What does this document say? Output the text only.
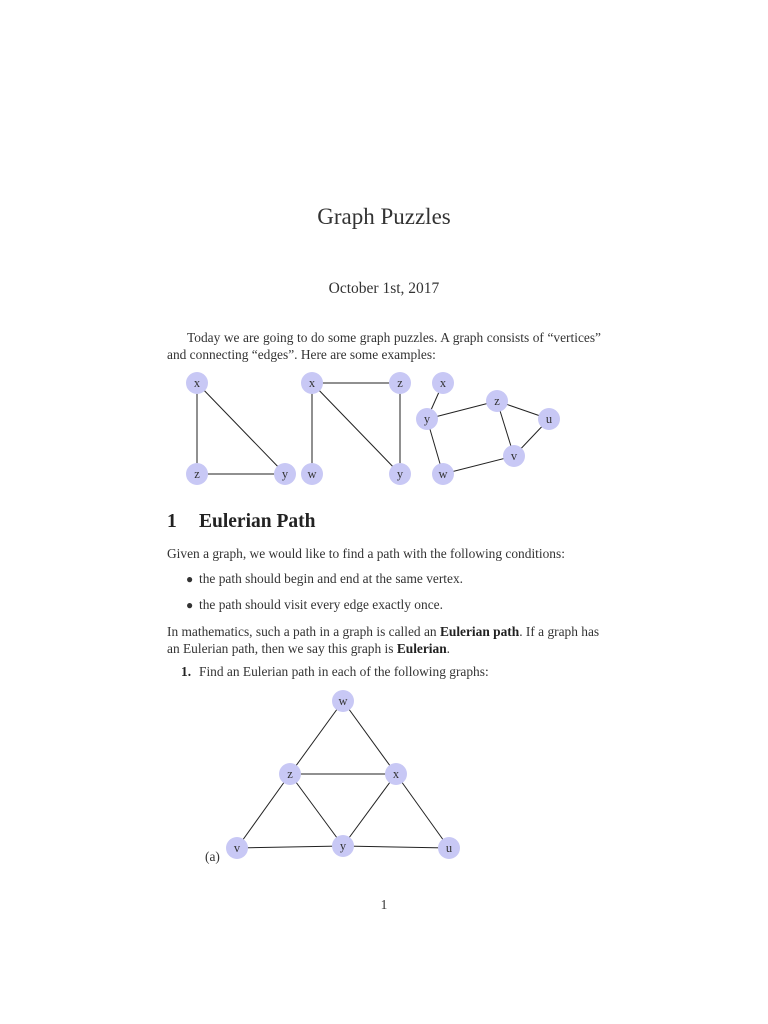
Graph Puzzles
October 1st, 2017
Today we are going to do some graph puzzles. A graph consists of “vertices” and connecting “edges”. Here are some examples:
x
z	y
x	z
w	y
x
y
z
u
v
w
w
z	x
v	y	u
1 Eulerian Path
Given a graph, we would like to find a path with the following conditions:
● the path should begin and end at the same vertex.
● the path should visit every edge exactly once.
In mathematics, such a path in a graph is called an Eulerian path. If a graph has an Eulerian path, then we say this graph is Eulerian.
1. Find an Eulerian path in each of the following graphs:
(a)
1
